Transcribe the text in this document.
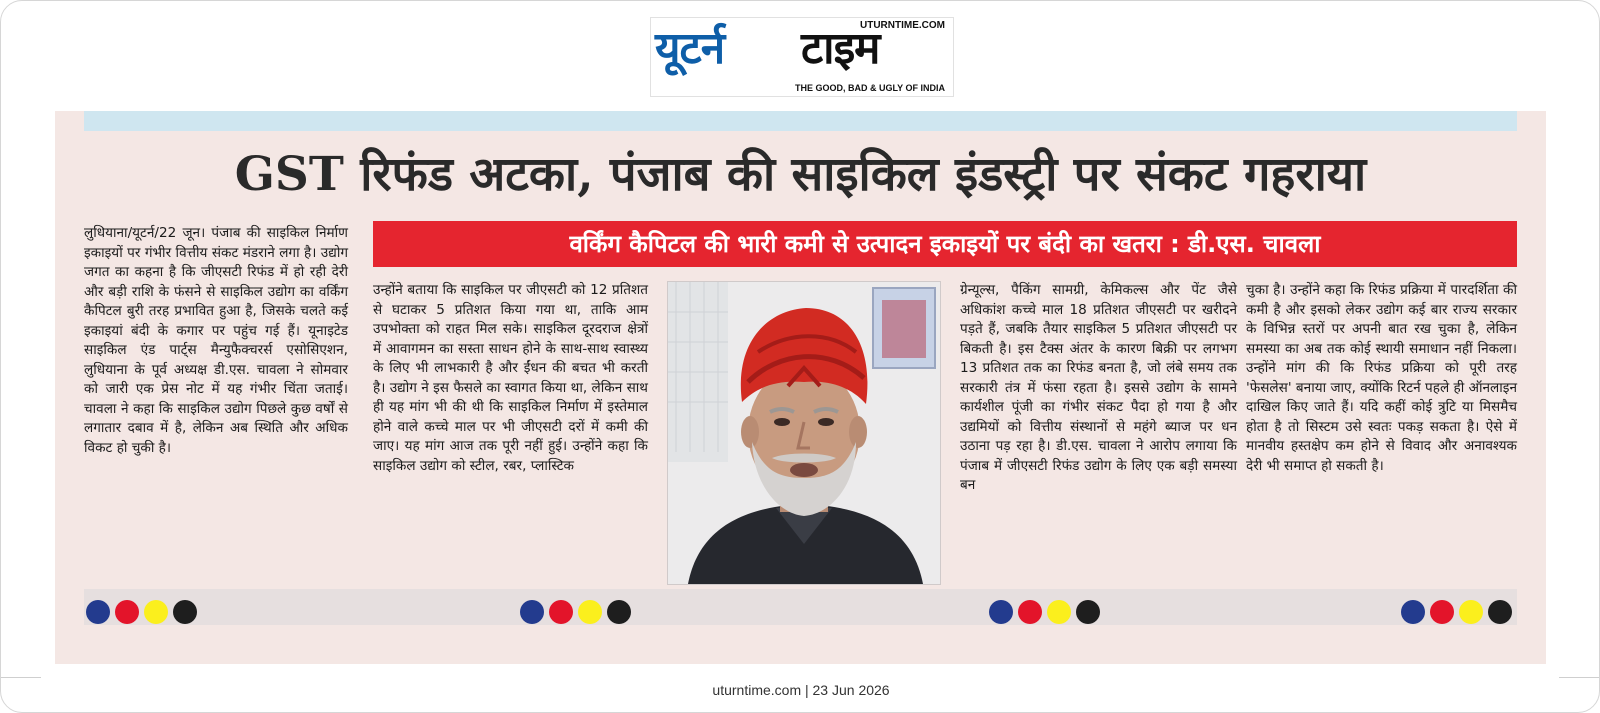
UTURNTIME.COM
यूटर्न टाइम
THE GOOD, BAD & UGLY OF INDIA
GST रिफंड अटका, पंजाब की साइकिल इंडस्ट्री पर संकट गहराया
वर्किंग कैपिटल की भारी कमी से उत्पादन इकाइयों पर बंदी का खतरा : डी.एस. चावला
लुधियाना/यूटर्न/22 जून। पंजाब की साइकिल निर्माण इकाइयों पर गंभीर वित्तीय संकट मंडराने लगा है। उद्योग जगत का कहना है कि जीएसटी रिफंड में हो रही देरी और बड़ी राशि के फंसने से साइकिल उद्योग का वर्किंग कैपिटल बुरी तरह प्रभावित हुआ है, जिसके चलते कई इकाइयां बंदी के कगार पर पहुंच गई हैं। यूनाइटेड साइकिल एंड पार्ट्स मैन्युफैक्चरर्स एसोसिएशन, लुधियाना के पूर्व अध्यक्ष डी.एस. चावला ने सोमवार को जारी एक प्रेस नोट में यह गंभीर चिंता जताई। चावला ने कहा कि साइकिल उद्योग पिछले कुछ वर्षों से लगातार दबाव में है, लेकिन अब स्थिति और अधिक विकट हो चुकी है।
उन्होंने बताया कि साइकिल पर जीएसटी को 12 प्रतिशत से घटाकर 5 प्रतिशत किया गया था, ताकि आम उपभोक्ता को राहत मिल सके। साइकिल दूरदराज क्षेत्रों में आवागमन का सस्ता साधन होने के साथ-साथ स्वास्थ्य के लिए भी लाभकारी है और ईंधन की बचत भी करती है। उद्योग ने इस फैसले का स्वागत किया था, लेकिन साथ ही यह मांग भी की थी कि साइकिल निर्माण में इस्तेमाल होने वाले कच्चे माल पर भी जीएसटी दरों में कमी की जाए। यह मांग आज तक पूरी नहीं हुई। उन्होंने कहा कि साइकिल उद्योग को स्टील, रबर, प्लास्टिक
ग्रेन्यूल्स, पैकिंग सामग्री, केमिकल्स और पेंट जैसे अधिकांश कच्चे माल 18 प्रतिशत जीएसटी पर खरीदने पड़ते हैं, जबकि तैयार साइकिल 5 प्रतिशत जीएसटी पर बिकती है। इस टैक्स अंतर के कारण बिक्री पर लगभग 13 प्रतिशत तक का रिफंड बनता है, जो लंबे समय तक सरकारी तंत्र में फंसा रहता है। इससे उद्योग के सामने कार्यशील पूंजी का गंभीर संकट पैदा हो गया है और उद्यमियों को वित्तीय संस्थानों से महंगे ब्याज पर धन उठाना पड़ रहा है। डी.एस. चावला ने आरोप लगाया कि पंजाब में जीएसटी रिफंड उद्योग के लिए एक बड़ी समस्या बन
चुका है। उन्होंने कहा कि रिफंड प्रक्रिया में पारदर्शिता की कमी है और इसको लेकर उद्योग कई बार राज्य सरकार के विभिन्न स्तरों पर अपनी बात रख चुका है, लेकिन समस्या का अब तक कोई स्थायी समाधान नहीं निकला। उन्होंने मांग की कि रिफंड प्रक्रिया को पूरी तरह 'फेसलेस' बनाया जाए, क्योंकि रिटर्न पहले ही ऑनलाइन दाखिल किए जाते हैं। यदि कहीं कोई त्रुटि या मिसमैच होता है तो सिस्टम उसे स्वतः पकड़ सकता है। ऐसे में मानवीय हस्तक्षेप कम होने से विवाद और अनावश्यक देरी भी समाप्त हो सकती है।
uturntime.com | 23 Jun 2026
